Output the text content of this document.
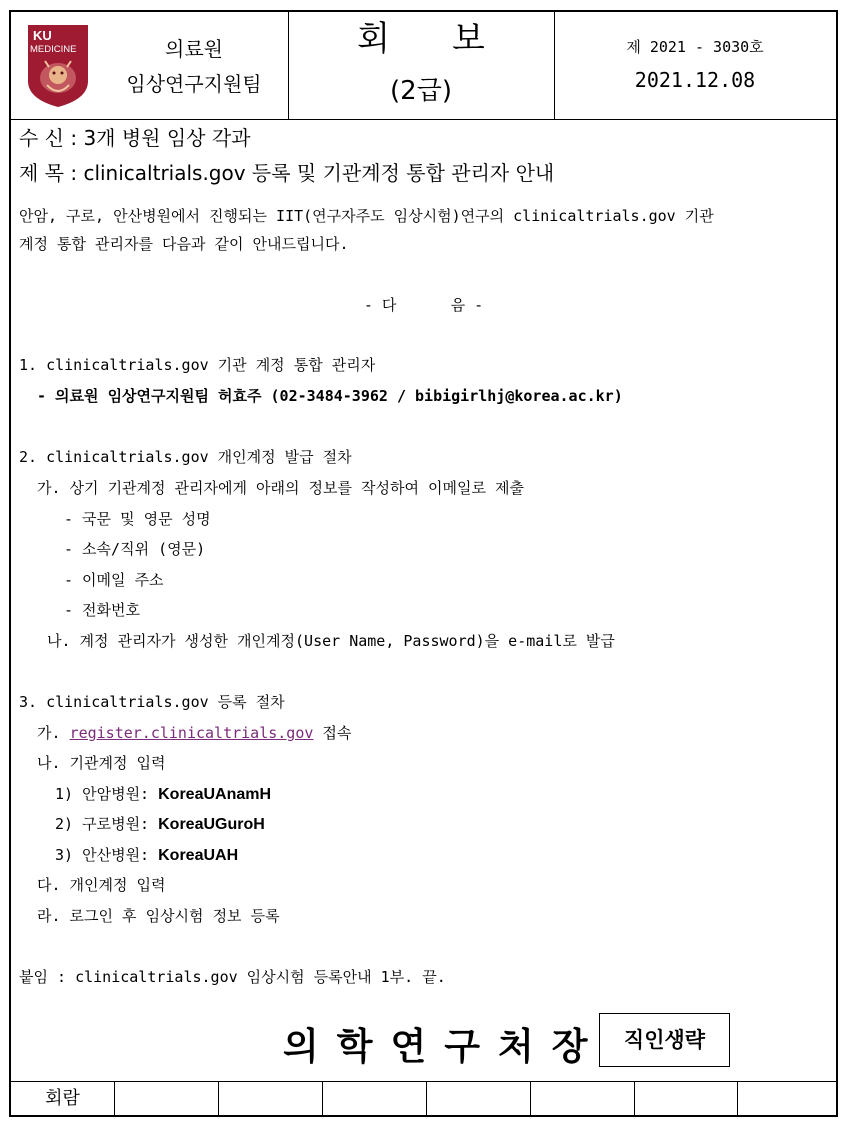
KU
MEDICINE	의료원
임상연구지원팀
회보
(2급)
제 2021 - 3030호
2021.12.08
수 신 : 3개 병원 임상 각과
제 목 : clinicaltrials.gov 등록 및 기관계정 통합 관리자 안내
안암, 구로, 안산병원에서 진행되는 IIT(연구자주도 임상시험)연구의 clinicaltrials.gov 기관
계정 통합 관리자를 다음과 같이 안내드립니다.
- 다      음 -
1. clinicaltrials.gov 기관 계정 통합 관리자
- 의료원 임상연구지원팀 허효주 (02-3484-3962 / bibigirlhj@korea.ac.kr)
2. clinicaltrials.gov 개인계정 발급 절차
가. 상기 기관계정 관리자에게 아래의 정보를 작성하여 이메일로 제출
- 국문 및 영문 성명
- 소속/직위 (영문)
- 이메일 주소
- 전화번호
나. 계정 관리자가 생성한 개인계정(User Name, Password)을 e-mail로 발급
3. clinicaltrials.gov 등록 절차
가. register.clinicaltrials.gov 접속
나. 기관계정 입력
1) 안암병원: KoreaUAnamH
2) 구로병원: KoreaUGuroH
3) 안산병원: KoreaUAH
다. 개인계정 입력
라. 로그인 후 임상시험 정보 등록
붙임 : clinicaltrials.gov 임상시험 등록안내 1부. 끝.
의학연구처장 직인생략
회람
